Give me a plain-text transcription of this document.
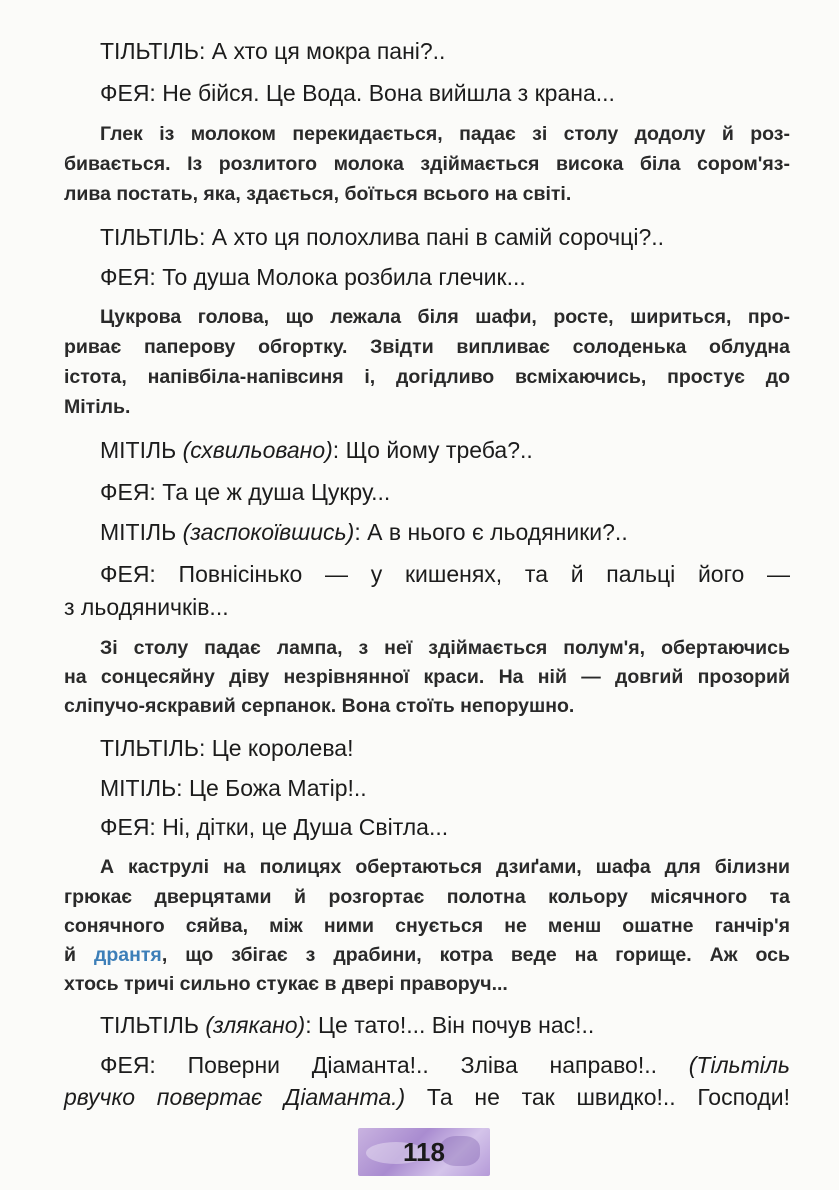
ТІЛЬТІЛЬ: А хто ця мокра пані?..
ФЕЯ: Не бійся. Це Вода. Вона вийшла з крана...
Глек із молоком перекидається, падає зі столу додолу й роз-
бивається. Із розлитого молока здіймається висока біла сором'яз-
лива постать, яка, здається, боїться всього на світі.
ТІЛЬТІЛЬ: А хто ця полохлива пані в самій сорочці?..
ФЕЯ: То душа Молока розбила глечик...
Цукрова голова, що лежала біля шафи, росте, шириться, про-
риває паперову обгортку. Звідти випливає солоденька облудна
істота, напівбіла-напівсиня і, догідливо всміхаючись, простує до
Мітіль.
МІТІЛЬ (схвильовано): Що йому треба?..
ФЕЯ: Та це ж душа Цукру...
МІТІЛЬ (заспокоївшись): А в нього є льодяники?..
ФЕЯ: Повнісінько — у кишенях, та й пальці його —
з льодяничків...
Зі столу падає лампа, з неї здіймається полум'я, обертаючись
на сонцесяйну діву незрівнянної краси. На ній — довгий прозорий
сліпучо-яскравий серпанок. Вона стоїть непорушно.
ТІЛЬТІЛЬ: Це королева!
МІТІЛЬ: Це Божа Матір!..
ФЕЯ: Ні, дітки, це Душа Світла...
А каструлі на полицях обертаються дзиґами, шафа для білизни
грюкає дверцятами й розгортає полотна кольору місячного та
сонячного сяйва, між ними снується не менш ошатне ганчір'я
й дрантя, що збігає з драбини, котра веде на горище. Аж ось
хтось тричі сильно стукає в двері праворуч...
ТІЛЬТІЛЬ (злякано): Це тато!... Він почув нас!..
ФЕЯ: Поверни Діаманта!.. Зліва направо!.. (Тільтіль
рвучко повертає Діаманта.) Та не так швидко!.. Господи!
118
